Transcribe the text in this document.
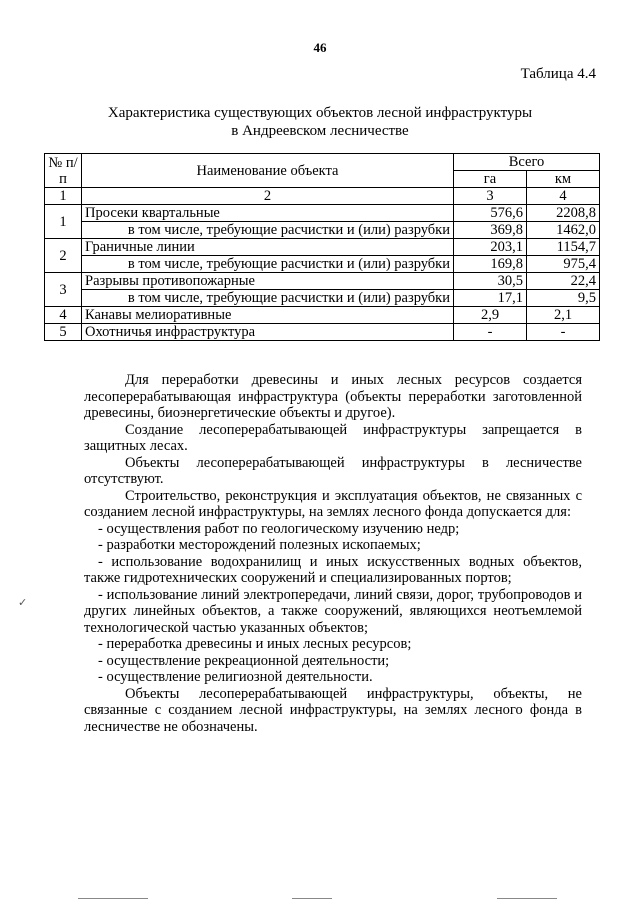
46
Таблица 4.4
Характеристика существующих объектов лесной инфраструктуры
в Андреевском лесничестве
№ п/п	Наименование объекта	Всего	
		га	км
1	2	3	4
1	Просеки квартальные	576,6	2208,8
	в том числе, требующие расчистки и (или) разрубки	369,8	1462,0
2	Граничные линии	203,1	1154,7
	в том числе, требующие расчистки и (или) разрубки	169,8	975,4
3	Разрывы противопожарные	30,5	22,4
	в том числе, требующие расчистки и (или) разрубки	17,1	9,5
4	Канавы мелиоративные	2,9	2,1
5	Охотничья инфраструктура	-	-

Для переработки древесины и иных лесных ресурсов создается лесоперерабатывающая инфраструктура (объекты переработки заготовленной древесины, биоэнергетические объекты и другое).

Создание лесоперерабатывающей инфраструктуры запрещается в защитных лесах.

Объекты лесоперерабатывающей инфраструктуры в лесничестве отсутствуют.

Строительство, реконструкция и эксплуатация объектов, не связанных с созданием лесной инфраструктуры, на землях лесного фонда допускается для:

- осуществления работ по геологическому изучению недр;

- разработки месторождений полезных ископаемых;

- использование водохранилищ и иных искусственных водных объектов, также гидротехнических сооружений и специализированных портов;

- использование линий электропередачи, линий связи, дорог, трубопроводов и других линейных объектов, а также сооружений, являющихся неотъемлемой технологической частью указанных объектов;

- переработка древесины и иных лесных ресурсов;

- осуществление рекреационной деятельности;

- осуществление религиозной деятельности.

Объекты лесоперерабатывающей инфраструктуры, объекты, не связанные с созданием лесной инфраструктуры, на землях лесного фонда в лесничестве не обозначены.

✓
